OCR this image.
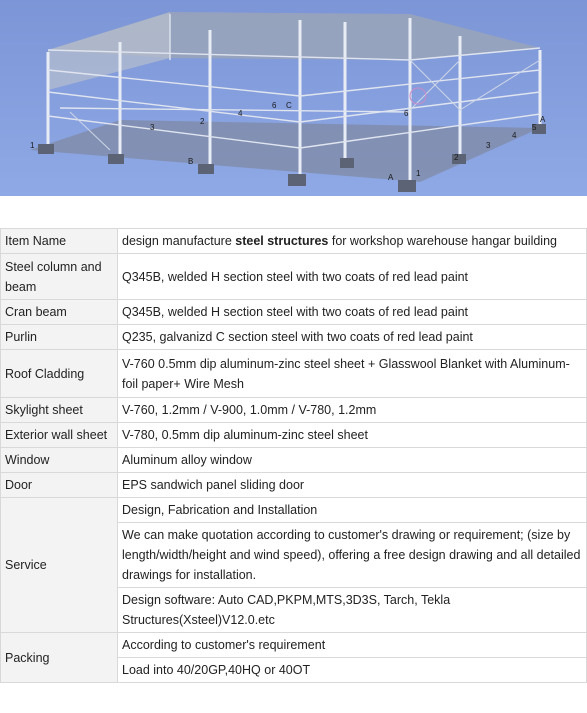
1
3
2
4
6 C
6
B
A	1
2
3
4
5
A
Item Name	design manufacture steel structures for workshop warehouse hangar building
Steel column and beam	Q345B, welded H section steel with two coats of red lead paint
Cran beam	Q345B, welded H section steel with two coats of red lead paint
Purlin	Q235, galvanizd C section steel with two coats of red lead paint
Roof Cladding	V-760 0.5mm dip aluminum-zinc steel sheet + Glasswool Blanket with Aluminum-foil paper+ Wire Mesh
Skylight sheet	V-760, 1.2mm / V-900, 1.0mm / V-780, 1.2mm
Exterior wall sheet	V-780, 0.5mm dip aluminum-zinc steel sheet
Window	Aluminum alloy window
Door	EPS sandwich panel sliding door
Service	Design, Fabrication and Installation
We can make quotation according to customer's drawing or requirement; (size by length/width/height and wind speed), offering a free design drawing and all detailed drawings for installation.
Design software: Auto CAD,PKPM,MTS,3D3S, Tarch, Tekla Structures(Xsteel)V12.0.etc

Packing	According to customer's requirement
Load into 40/20GP,40HQ or 40OT
